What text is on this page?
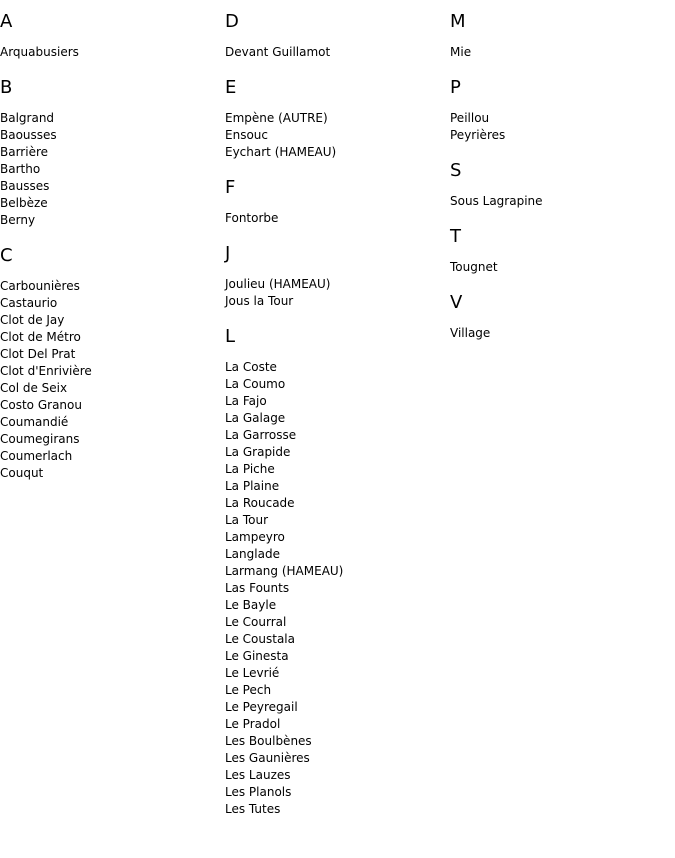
A
Arquabusiers
B
Balgrand
Baousses
Barrière
Bartho
Bausses
Belbèze
Berny
C
Carbounières
Castaurio
Clot de Jay
Clot de Métro
Clot Del Prat
Clot d'Enrivière
Col de Seix
Costo Granou
Coumandié
Coumegirans
Coumerlach
Couqut
D
Devant Guillamot
E
Empène (AUTRE)
Ensouc
Eychart (HAMEAU)
F
Fontorbe
J
Joulieu (HAMEAU)
Jous la Tour
L
La Coste
La Coumo
La Fajo
La Galage
La Garrosse
La Grapide
La Piche
La Plaine
La Roucade
La Tour
Lampeyro
Langlade
Larmang (HAMEAU)
Las Founts
Le Bayle
Le Courral
Le Coustala
Le Ginesta
Le Levrié
Le Pech
Le Peyregail
Le Pradol
Les Boulbènes
Les Gaunières
Les Lauzes
Les Planols
Les Tutes
M
Mie
P
Peillou
Peyrières
S
Sous Lagrapine
T
Tougnet
V
Village
